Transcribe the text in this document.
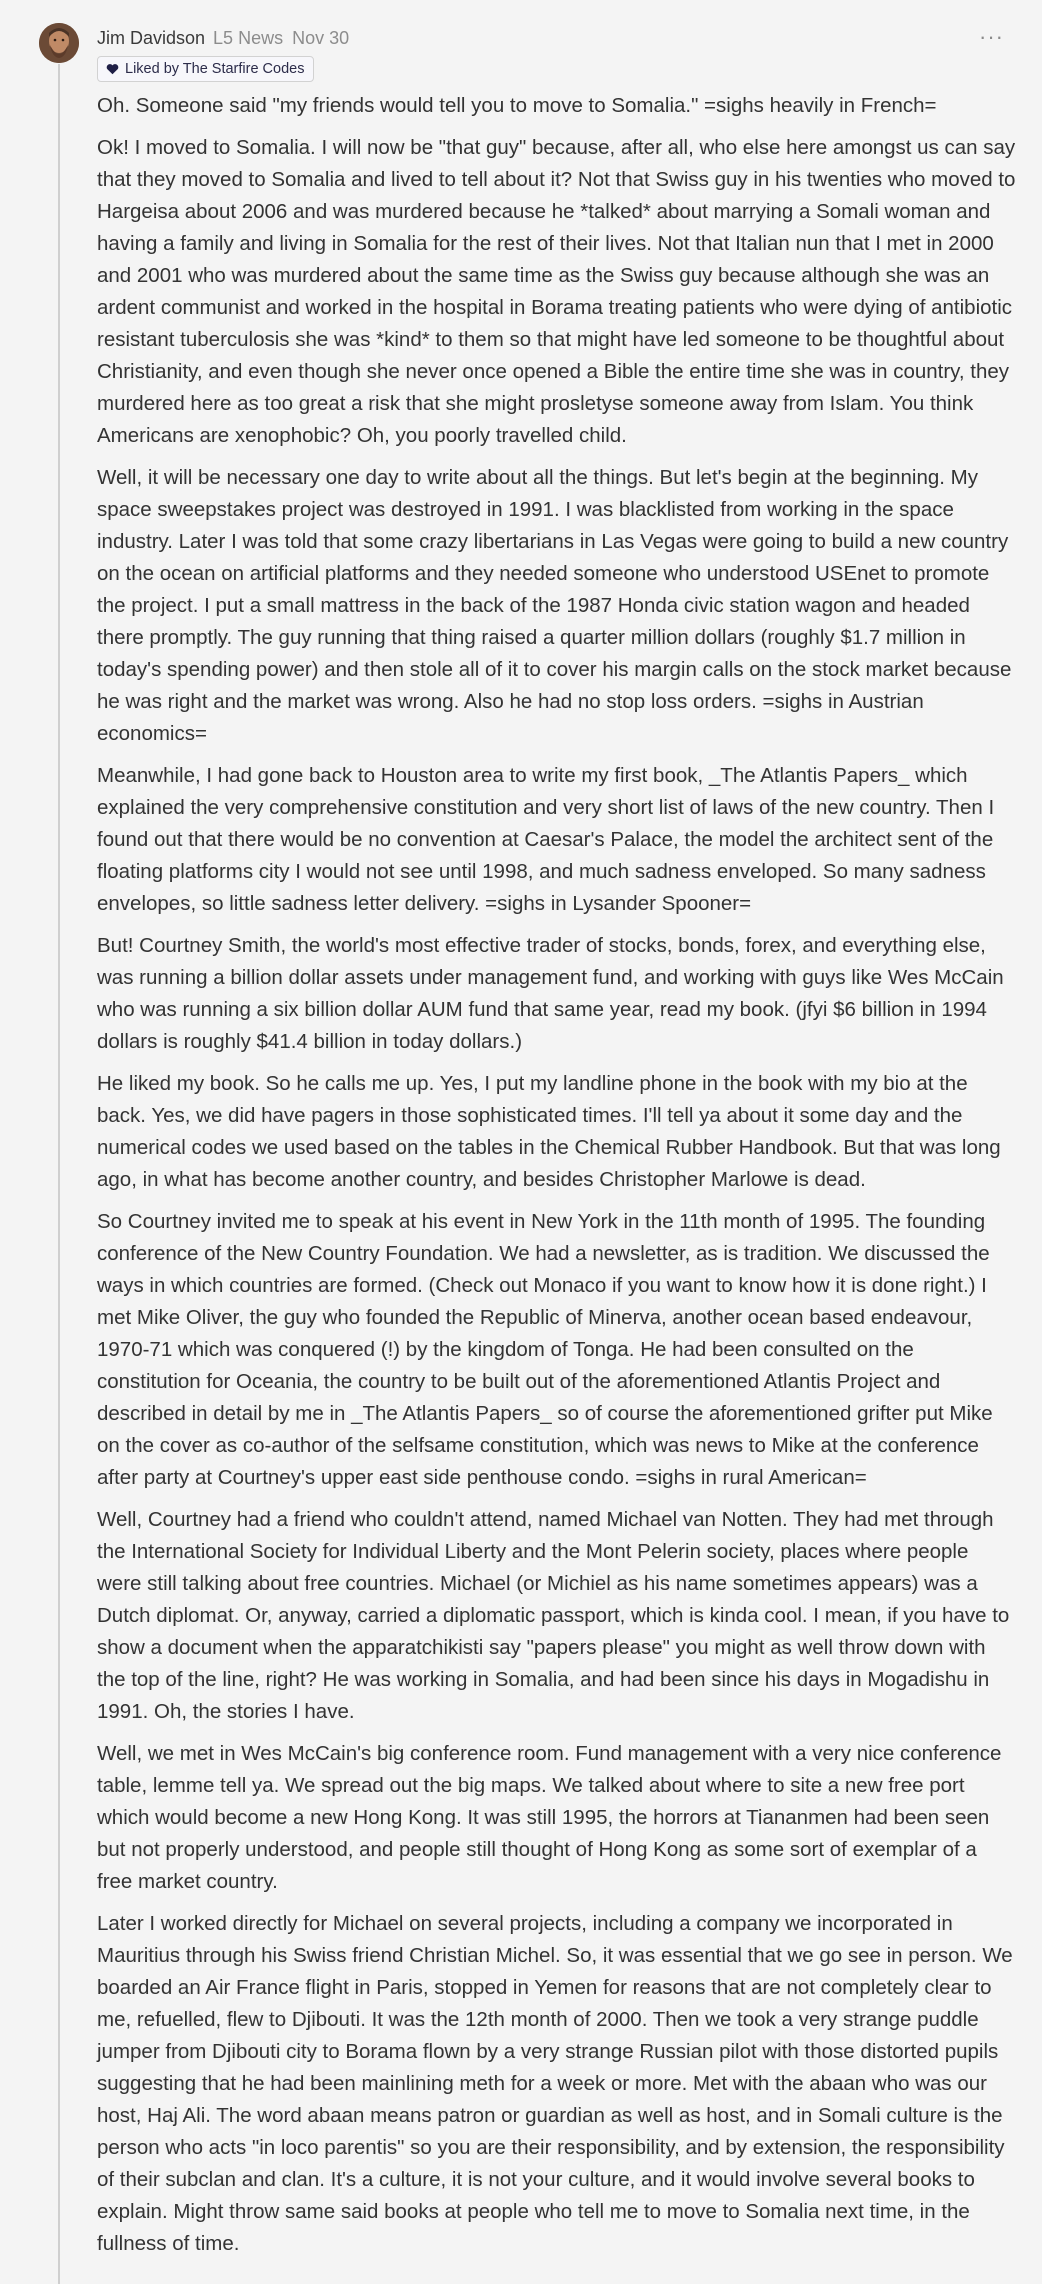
Jim Davidson L5 News Nov 30	···
Liked by The Starfire Codes

Oh. Someone said "my friends would tell you to move to Somalia." =sighs heavily in French=

Ok! I moved to Somalia. I will now be "that guy" because, after all, who else here amongst us can say that they moved to Somalia and lived to tell about it? Not that Swiss guy in his twenties who moved to Hargeisa about 2006 and was murdered because he *talked* about marrying a Somali woman and having a family and living in Somalia for the rest of their lives. Not that Italian nun that I met in 2000 and 2001 who was murdered about the same time as the Swiss guy because although she was an ardent communist and worked in the hospital in Borama treating patients who were dying of antibiotic resistant tuberculosis she was *kind* to them so that might have led someone to be thoughtful about Christianity, and even though she never once opened a Bible the entire time she was in country, they murdered here as too great a risk that she might prosletyse someone away from Islam. You think Americans are xenophobic? Oh, you poorly travelled child.

Well, it will be necessary one day to write about all the things. But let's begin at the beginning. My space sweepstakes project was destroyed in 1991. I was blacklisted from working in the space industry. Later I was told that some crazy libertarians in Las Vegas were going to build a new country on the ocean on artificial platforms and they needed someone who understood USEnet to promote the project. I put a small mattress in the back of the 1987 Honda civic station wagon and headed there promptly. The guy running that thing raised a quarter million dollars (roughly $1.7 million in today's spending power) and then stole all of it to cover his margin calls on the stock market because he was right and the market was wrong. Also he had no stop loss orders. =sighs in Austrian economics=

Meanwhile, I had gone back to Houston area to write my first book, _The Atlantis Papers_ which explained the very comprehensive constitution and very short list of laws of the new country. Then I found out that there would be no convention at Caesar's Palace, the model the architect sent of the floating platforms city I would not see until 1998, and much sadness enveloped. So many sadness envelopes, so little sadness letter delivery. =sighs in Lysander Spooner=

But! Courtney Smith, the world's most effective trader of stocks, bonds, forex, and everything else, was running a billion dollar assets under management fund, and working with guys like Wes McCain who was running a six billion dollar AUM fund that same year, read my book. (jfyi $6 billion in 1994 dollars is roughly $41.4 billion in today dollars.)

He liked my book. So he calls me up. Yes, I put my landline phone in the book with my bio at the back. Yes, we did have pagers in those sophisticated times. I'll tell ya about it some day and the numerical codes we used based on the tables in the Chemical Rubber Handbook. But that was long ago, in what has become another country, and besides Christopher Marlowe is dead.

So Courtney invited me to speak at his event in New York in the 11th month of 1995. The founding conference of the New Country Foundation. We had a newsletter, as is tradition. We discussed the ways in which countries are formed. (Check out Monaco if you want to know how it is done right.) I met Mike Oliver, the guy who founded the Republic of Minerva, another ocean based endeavour, 1970-71 which was conquered (!) by the kingdom of Tonga. He had been consulted on the constitution for Oceania, the country to be built out of the aforementioned Atlantis Project and described in detail by me in _The Atlantis Papers_ so of course the aforementioned grifter put Mike on the cover as co-author of the selfsame constitution, which was news to Mike at the conference after party at Courtney's upper east side penthouse condo. =sighs in rural American=

Well, Courtney had a friend who couldn't attend, named Michael van Notten. They had met through the International Society for Individual Liberty and the Mont Pelerin society, places where people were still talking about free countries. Michael (or Michiel as his name sometimes appears) was a Dutch diplomat. Or, anyway, carried a diplomatic passport, which is kinda cool. I mean, if you have to show a document when the apparatchikisti say "papers please" you might as well throw down with the top of the line, right? He was working in Somalia, and had been since his days in Mogadishu in 1991. Oh, the stories I have.

Well, we met in Wes McCain's big conference room. Fund management with a very nice conference table, lemme tell ya. We spread out the big maps. We talked about where to site a new free port which would become a new Hong Kong. It was still 1995, the horrors at Tiananmen had been seen but not properly understood, and people still thought of Hong Kong as some sort of exemplar of a free market country.

Later I worked directly for Michael on several projects, including a company we incorporated in Mauritius through his Swiss friend Christian Michel. So, it was essential that we go see in person. We boarded an Air France flight in Paris, stopped in Yemen for reasons that are not completely clear to me, refuelled, flew to Djibouti. It was the 12th month of 2000. Then we took a very strange puddle jumper from Djibouti city to Borama flown by a very strange Russian pilot with those distorted pupils suggesting that he had been mainlining meth for a week or more. Met with the abaan who was our host, Haj Ali. The word abaan means patron or guardian as well as host, and in Somali culture is the person who acts "in loco parentis" so you are their responsibility, and by extension, the responsibility of their subclan and clan. It's a culture, it is not your culture, and it would involve several books to explain. Might throw same said books at people who tell me to move to Somalia next time, in the fullness of time.
